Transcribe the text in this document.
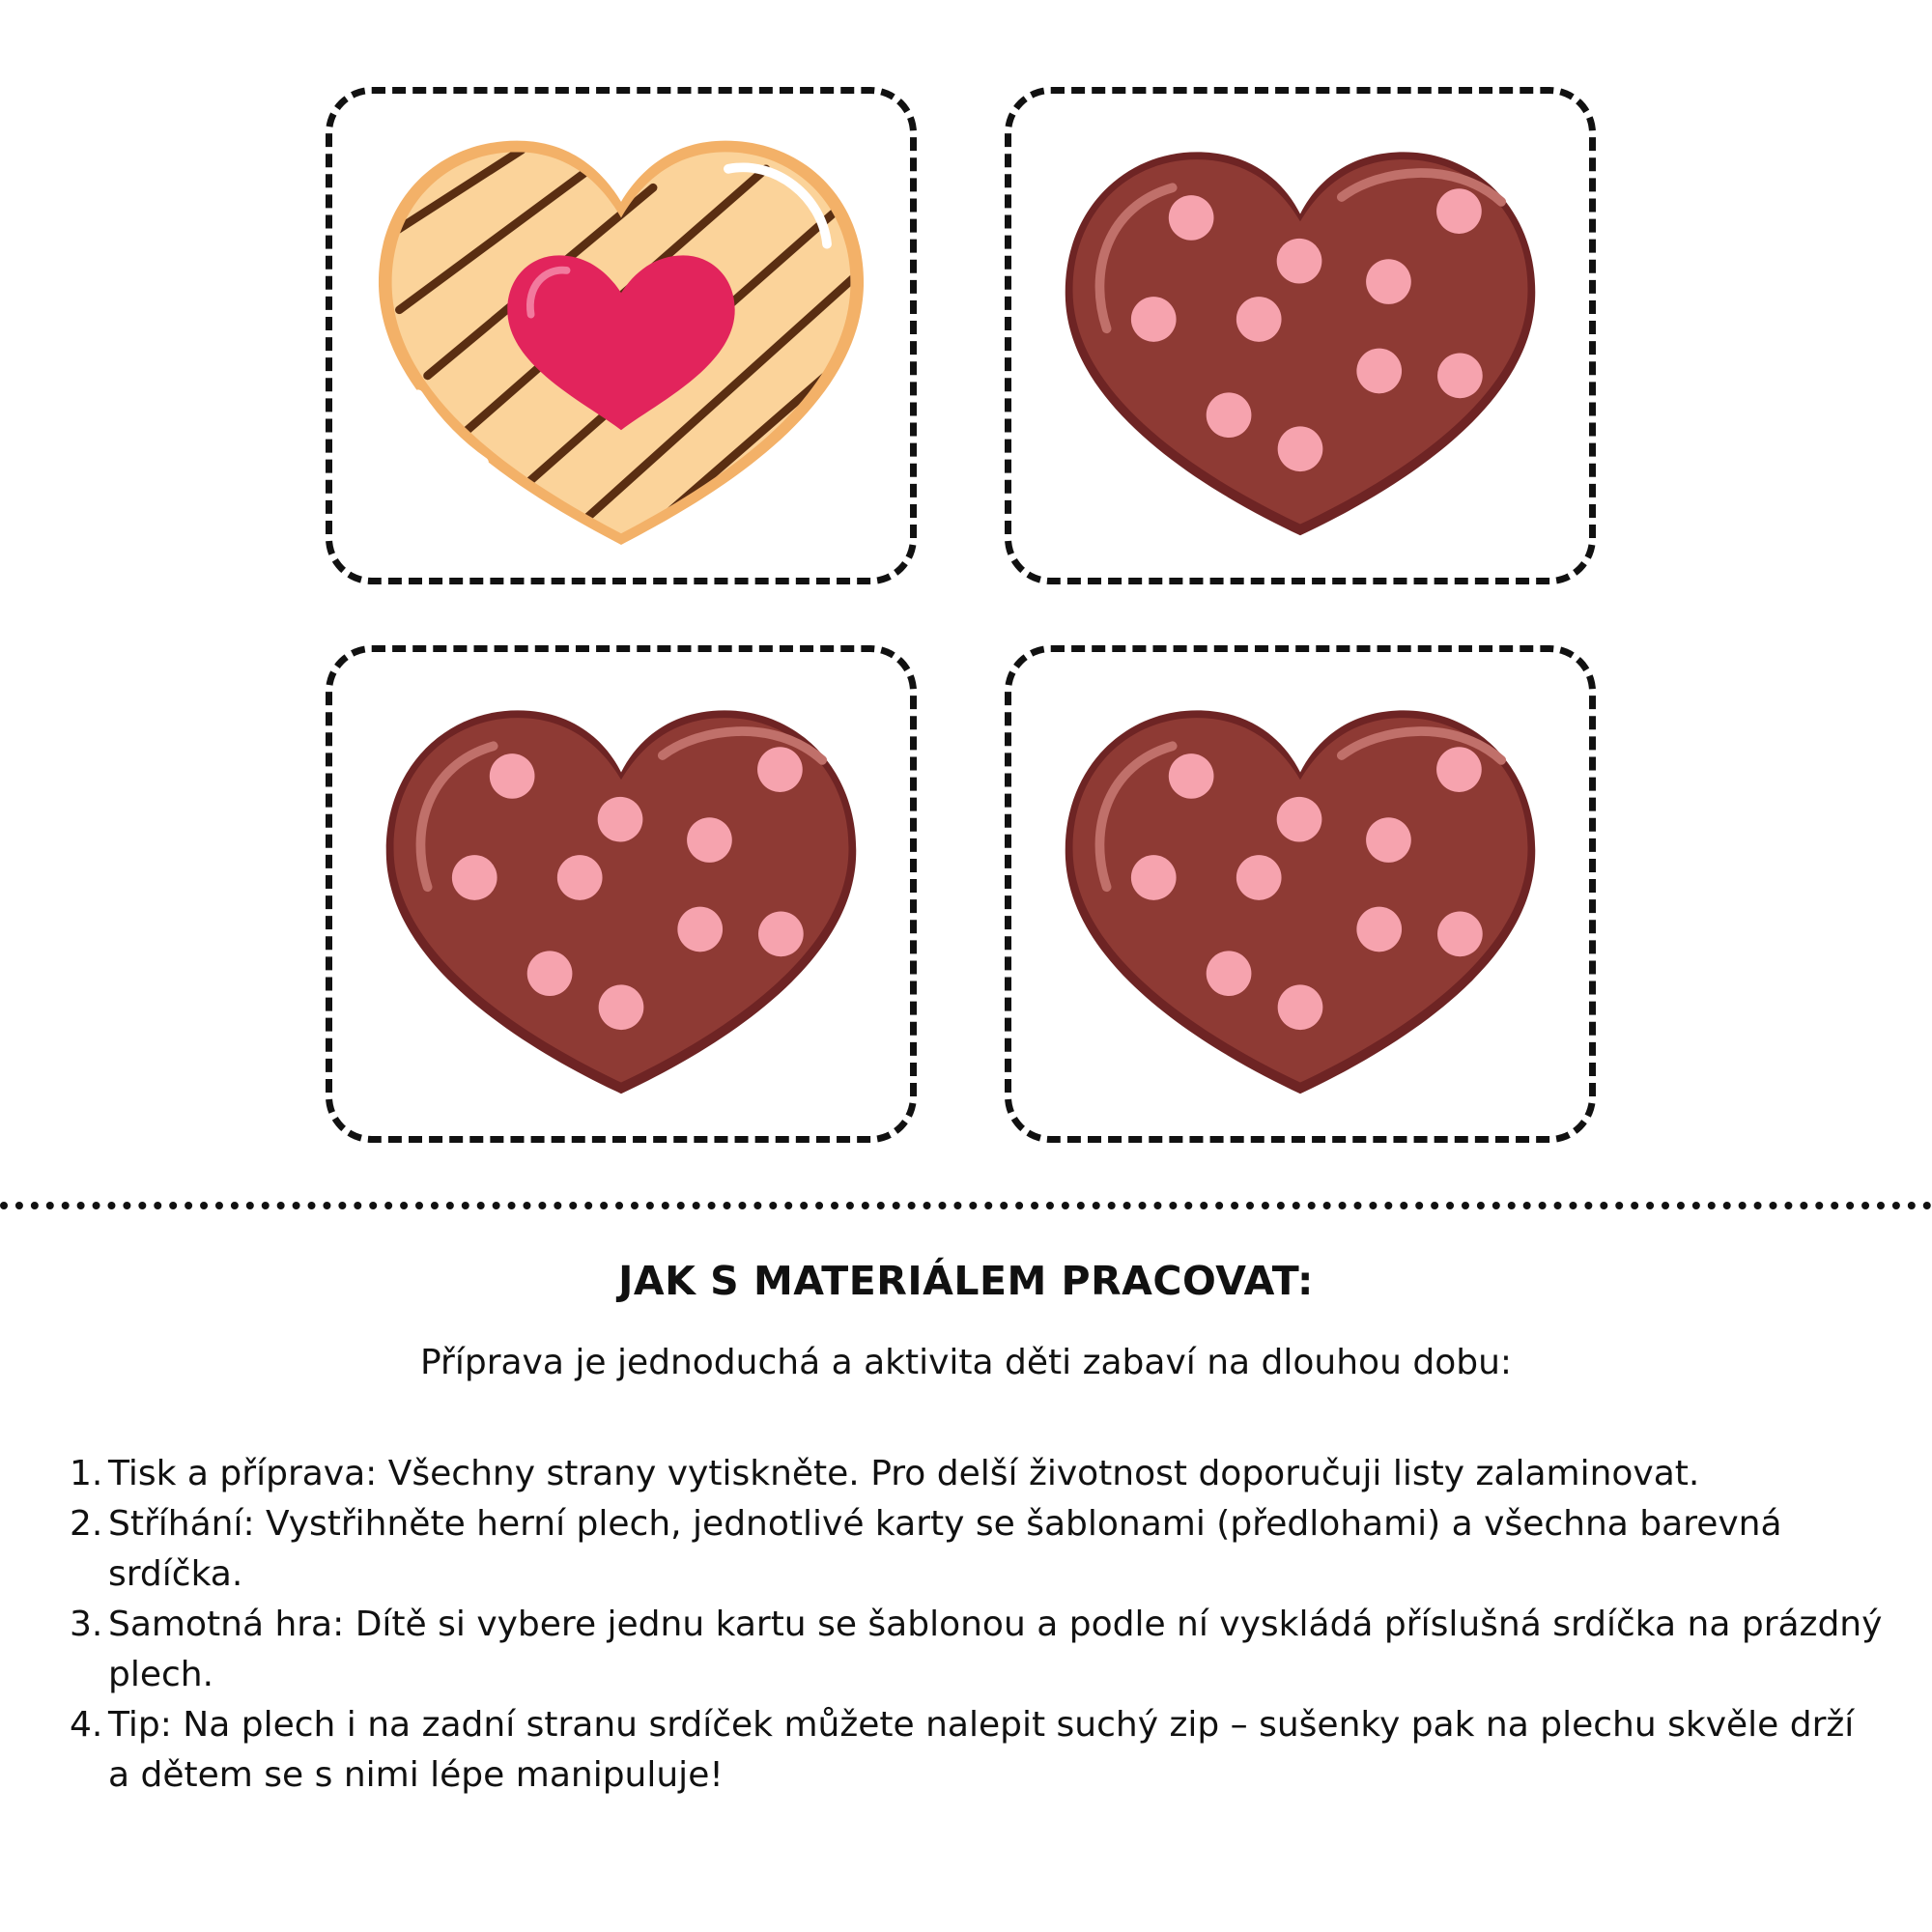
JAK S MATERIÁLEM PRACOVAT:
Příprava je jednoduchá a aktivita děti zabaví na dlouhou dobu:
1. Tisk a příprava: Všechny strany vytiskněte. Pro delší životnost doporučuji listy zalaminovat.
2. Stříhání: Vystřihněte herní plech, jednotlivé karty se šablonami (předlohami) a všechna barevná srdíčka.
3. Samotná hra: Dítě si vybere jednu kartu se šablonou a podle ní vyskládá příslušná srdíčka na prázdný plech.
4. Tip: Na plech i na zadní stranu srdíček můžete nalepit suchý zip – sušenky pak na plechu skvěle drží a dětem se s nimi lépe manipuluje!
